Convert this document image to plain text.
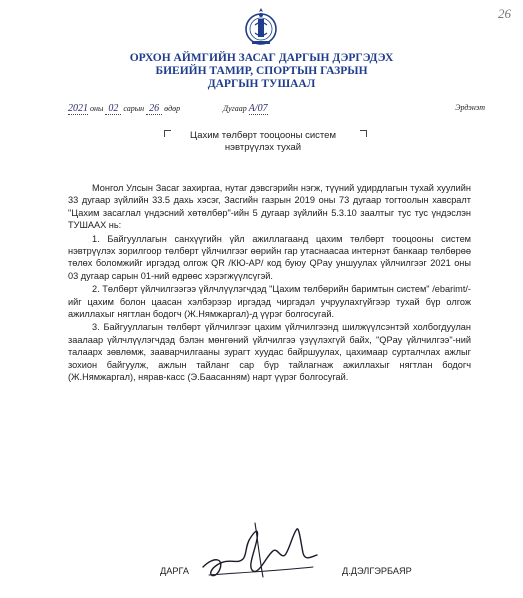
26
ОРХОН АЙМГИЙН ЗАСАГ ДАРГЫН ДЭРГЭДЭХ
БИЕИЙН ТАМИР, СПОРТЫН ГАЗРЫН
ДАРГЫН ТУШААЛ
2021 оны 02 сарын 26 өдөр	Дугаар А/07	Эрдэнэт
Цахим төлбөрт тооцооны систем
нэвтрүүлэх тухай

Монгол Улсын Засаг захиргаа, нутаг дэвсгэрийн нэгж, түүний удирдлагын тухай хуулийн 33 дугаар зүйлийн 33.5 дахь хэсэг, Засгийн газрын 2019 оны 73 дугаар тогтоолын хавсралт "Цахим засаглал үндэсний хөтөлбөр"-ийн 5 дугаар зүйлийн 5.3.10 заалтыг тус тус үндэслэн ТУШААХ нь:

1. Байгууллагын санхүүгийн үйл ажиллагаанд цахим төлбөрт тооцооны систем нэвтрүүлэх зорилгоор төлбөрт үйлчилгээг өөрийн гар утаснаасаа интернэт банкаар төлбөрөө төлөх боломжийг иргэдэд олгож QR /КЮ-АР/ код буюу QPay уншуулах үйлчилгээг 2021 оны 03 дугаар сарын 01-ний өдрөөс хэрэгжүүлсүгэй.

2. Төлбөрт үйлчилгээгээ үйлчлүүлэгчдэд "Цахим төлбөрийн баримтын систем" /ebarimt/-ийг цахим болон цаасан хэлбэрээр иргэдэд чиргэдэл учруулахгүйгээр тухай бүр олгож ажиллахыг нягтлан бодогч (Ж.Нямжаргал)-д үүрэг болгосугай.

3. Байгууллагын төлбөрт үйлчилгээг цахим үйлчилгээнд шилжүүлсэнтэй холбогдуулан заалаар үйлчлүүлэгчдэд бэлэн мөнгөний үйлчилгээ үзүүлэхгүй байх, "QPay үйлчилгээ"-ний талаарх зөвлөмж, зааварчилгааны зурагт хуудас байршуулах, цахимаар сурталчлах ажлыг зохион байгуулж, ажлын тайланг сар бүр тайлагнаж ажиллахыг нягтлан бодогч (Ж.Нямжаргал), нярав-касс (Э.Баасанням) нарт үүрэг болгосугай.

ДАРГА	Д.ДЭЛГЭРБАЯР
